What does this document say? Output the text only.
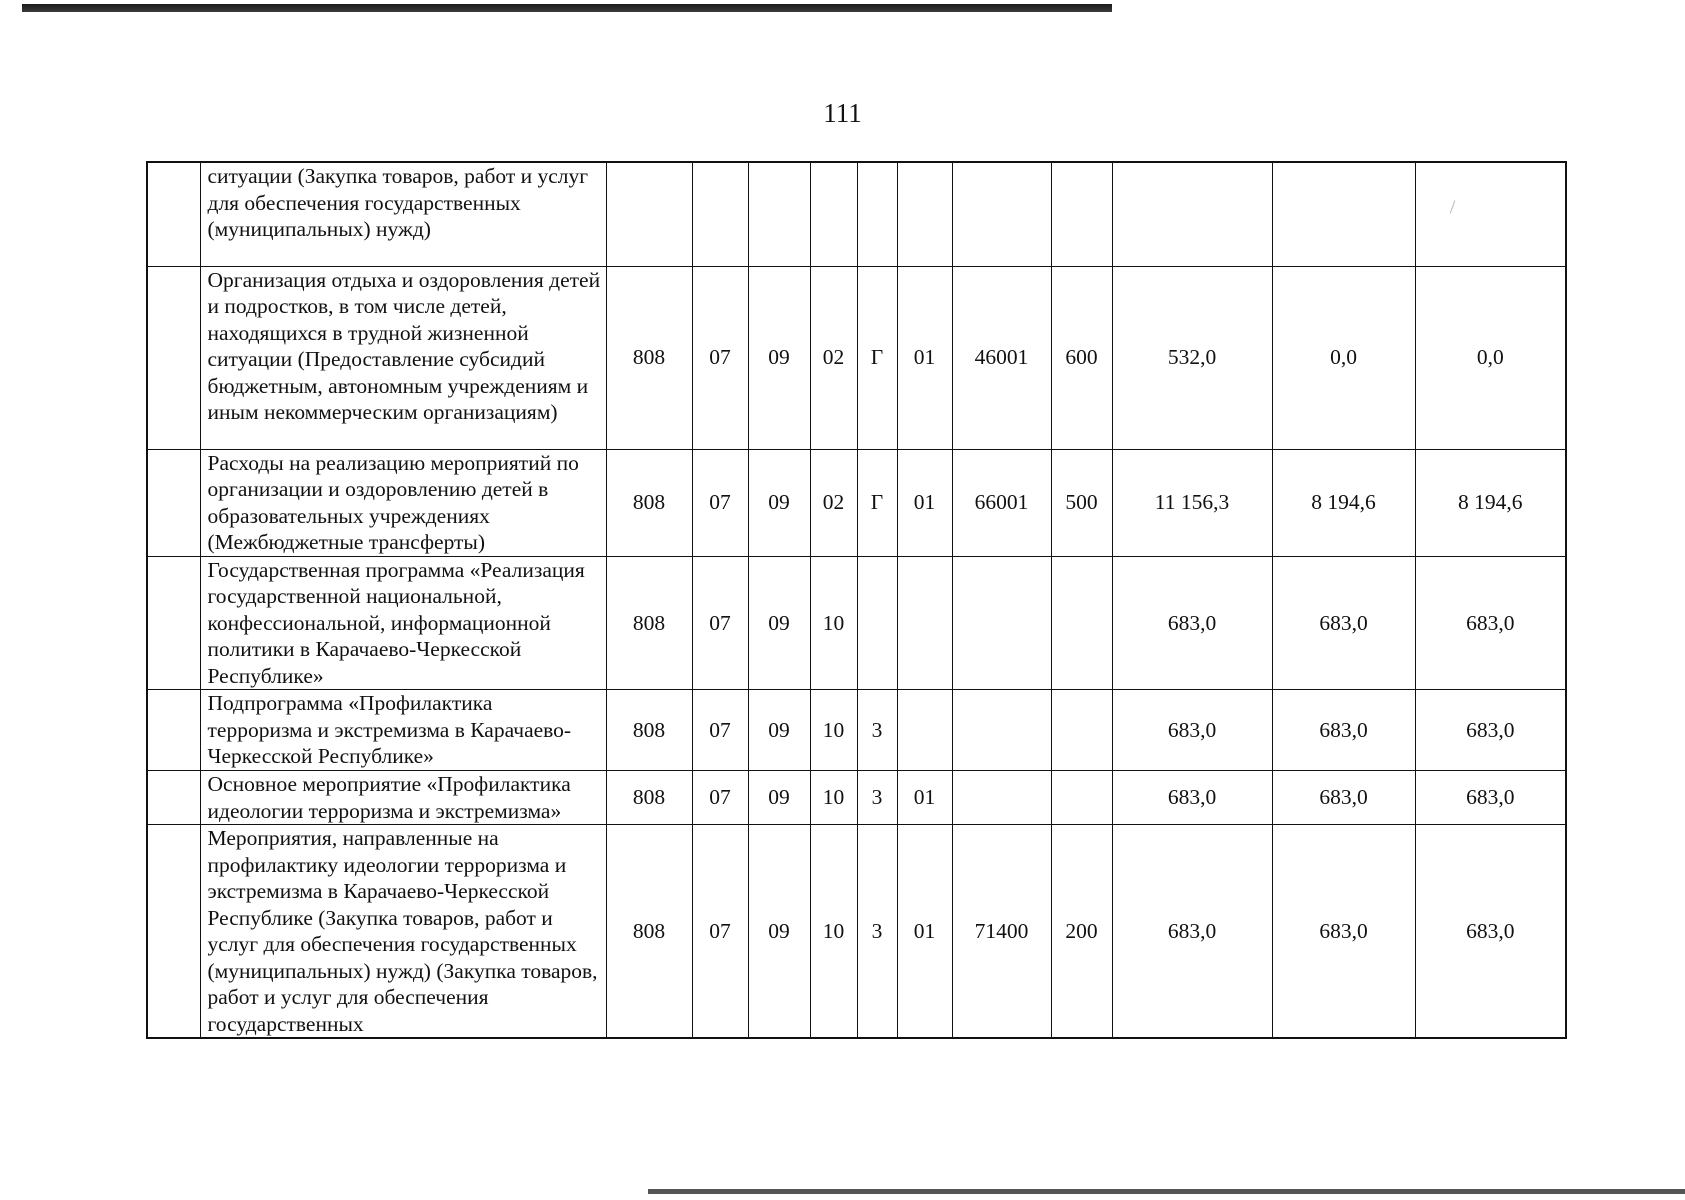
111
	ситуации (Закупка товаров, работ и услуг для обеспечения государственных (муниципальных) нужд)											
	Организация отдыха и оздоровления детей и подростков, в том числе детей, находящихся в трудной жизненной ситуации (Предоставление субсидий бюджетным, автономным учреждениям и иным некоммерческим организациям)	808	07	09	02	Г	01	46001	600	532,0	0,0	0,0
	Расходы на реализацию мероприятий по организации и оздоровлению детей в образовательных учреждениях (Межбюджетные трансферты)	808	07	09	02	Г	01	66001	500	11 156,3	8 194,6	8 194,6
	Государственная программа «Реализация государственной национальной, конфессиональной, информационной политики в Карачаево-Черкесской Республике»	808	07	09	10					683,0	683,0	683,0
	Подпрограмма «Профилактика терроризма и экстремизма в Карачаево-Черкесской Республике»	808	07	09	10	3				683,0	683,0	683,0
	Основное мероприятие «Профилактика идеологии терроризма и экстремизма»	808	07	09	10	3	01			683,0	683,0	683,0
	Мероприятия, направленные на профилактику идеологии терроризма и экстремизма в Карачаево-Черкесской Республике (Закупка товаров, работ и услуг для обеспечения государственных (муниципальных) нужд) (Закупка товаров, работ и услуг для обеспечения государственных	808	07	09	10	3	01	71400	200	683,0	683,0	683,0
